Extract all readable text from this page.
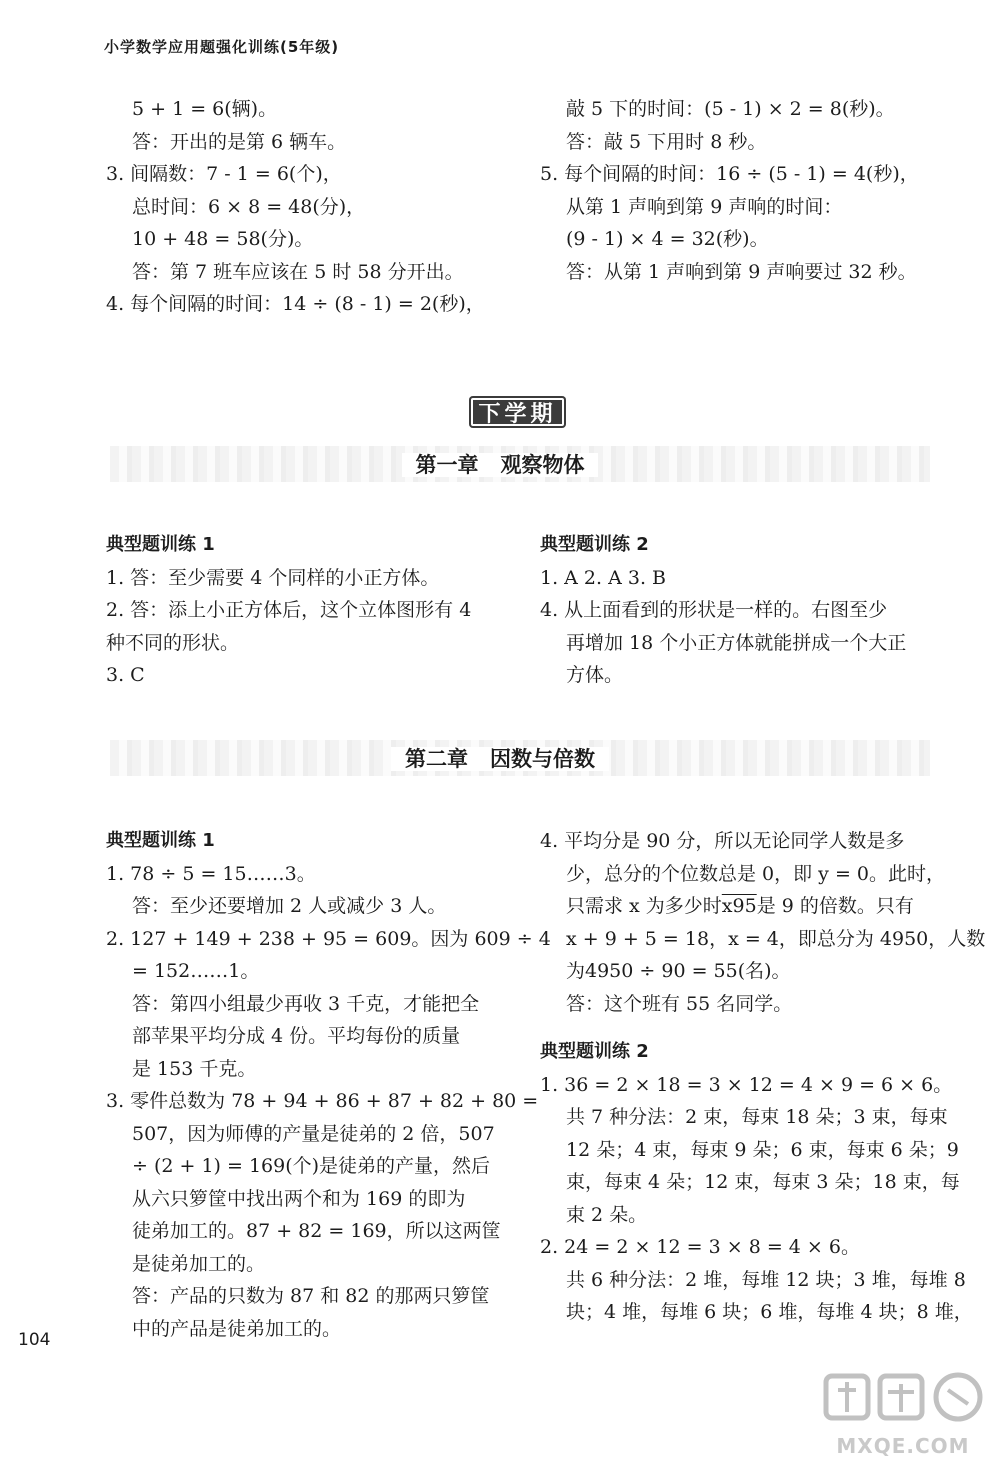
小学数学应用题强化训练(5年级)
5 + 1 = 6(辆)。
答：开出的是第 6 辆车。
3. 间隔数：7 - 1 = 6(个)，
总时间：6 × 8 = 48(分)，
10 + 48 = 58(分)。
答：第 7 班车应该在 5 时 58 分开出。
4. 每个间隔的时间：14 ÷ (8 - 1) = 2(秒)，
敲 5 下的时间：(5 - 1) × 2 = 8(秒)。
答：敲 5 下用时 8 秒。
5. 每个间隔的时间：16 ÷ (5 - 1) = 4(秒)，
从第 1 声响到第 9 声响的时间：
(9 - 1) × 4 = 32(秒)。
答：从第 1 声响到第 9 声响要过 32 秒。
下学期
第一章   观察物体
典型题训练 1
1. 答：至少需要 4 个同样的小正方体。
2. 答：添上小正方体后，这个立体图形有 4
种不同的形状。
3. C
典型题训练 2
1. A 2. A 3. B
4. 从上面看到的形状是一样的。右图至少
再增加 18 个小正方体就能拼成一个大正
方体。
第二章   因数与倍数
典型题训练 1
1. 78 ÷ 5 = 15……3。
答：至少还要增加 2 人或减少 3 人。
2. 127 + 149 + 238 + 95 = 609。因为 609 ÷ 4
= 152……1。
答：第四小组最少再收 3 千克，才能把全
部苹果平均分成 4 份。平均每份的质量
是 153 千克。
3. 零件总数为 78 + 94 + 86 + 87 + 82 + 80 =
507，因为师傅的产量是徒弟的 2 倍，507
÷ (2 + 1) = 169(个)是徒弟的产量，然后
从六只箩筐中找出两个和为 169 的即为
徒弟加工的。87 + 82 = 169，所以这两筐
是徒弟加工的。
答：产品的只数为 87 和 82 的那两只箩筐
中的产品是徒弟加工的。
4. 平均分是 90 分，所以无论同学人数是多
少，总分的个位数总是 0，即 y = 0。此时，
只需求 x 为多少时x95是 9 的倍数。只有
x + 9 + 5 = 18，x = 4，即总分为 4950，人数
为4950 ÷ 90 = 55(名)。
答：这个班有 55 名同学。
典型题训练 2
1. 36 = 2 × 18 = 3 × 12 = 4 × 9 = 6 × 6。
共 7 种分法：2 束，每束 18 朵；3 束，每束
12 朵；4 束，每束 9 朵；6 束，每束 6 朵；9
束，每束 4 朵；12 束，每束 3 朵；18 束，每
束 2 朵。
2. 24 = 2 × 12 = 3 × 8 = 4 × 6。
共 6 种分法：2 堆，每堆 12 块；3 堆，每堆 8
块；4 堆，每堆 6 块；6 堆，每堆 4 块；8 堆，
104
MXQE.COM
